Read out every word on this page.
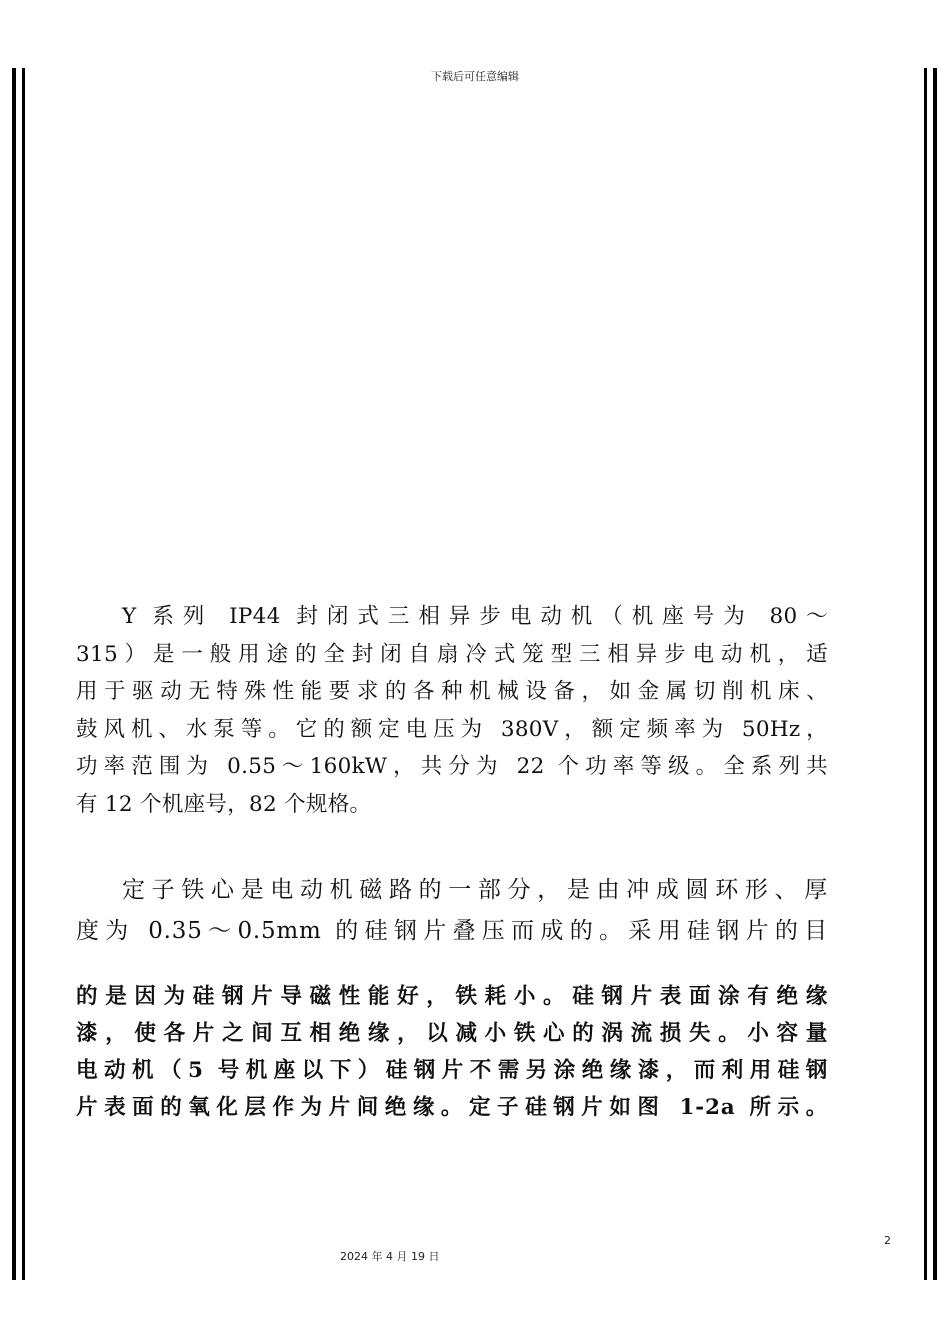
下载后可任意编辑
Y 系列 IP44 封闭式三相异步电动机（机座号为 80～
315）是一般用途的全封闭自扇冷式笼型三相异步电动机，适
用于驱动无特殊性能要求的各种机械设备，如金属切削机床、
鼓风机、水泵等。它的额定电压为 380V，额定频率为 50Hz，
功率范围为 0.55～160kW，共分为 22 个功率等级。全系列共
有 12 个机座号，82 个规格。
定子铁心是电动机磁路的一部分，是由冲成圆环形、厚
度为 0.35～0.5mm 的硅钢片叠压而成的。采用硅钢片的目
的是因为硅钢片导磁性能好，铁耗小。硅钢片表面涂有绝缘
漆，使各片之间互相绝缘，以减小铁心的涡流损失。小容量
电动机（5 号机座以下）硅钢片不需另涂绝缘漆，而利用硅钢
片表面的氧化层作为片间绝缘。定子硅钢片如图 1-2a 所示。
2
2024 年 4 月 19 日
